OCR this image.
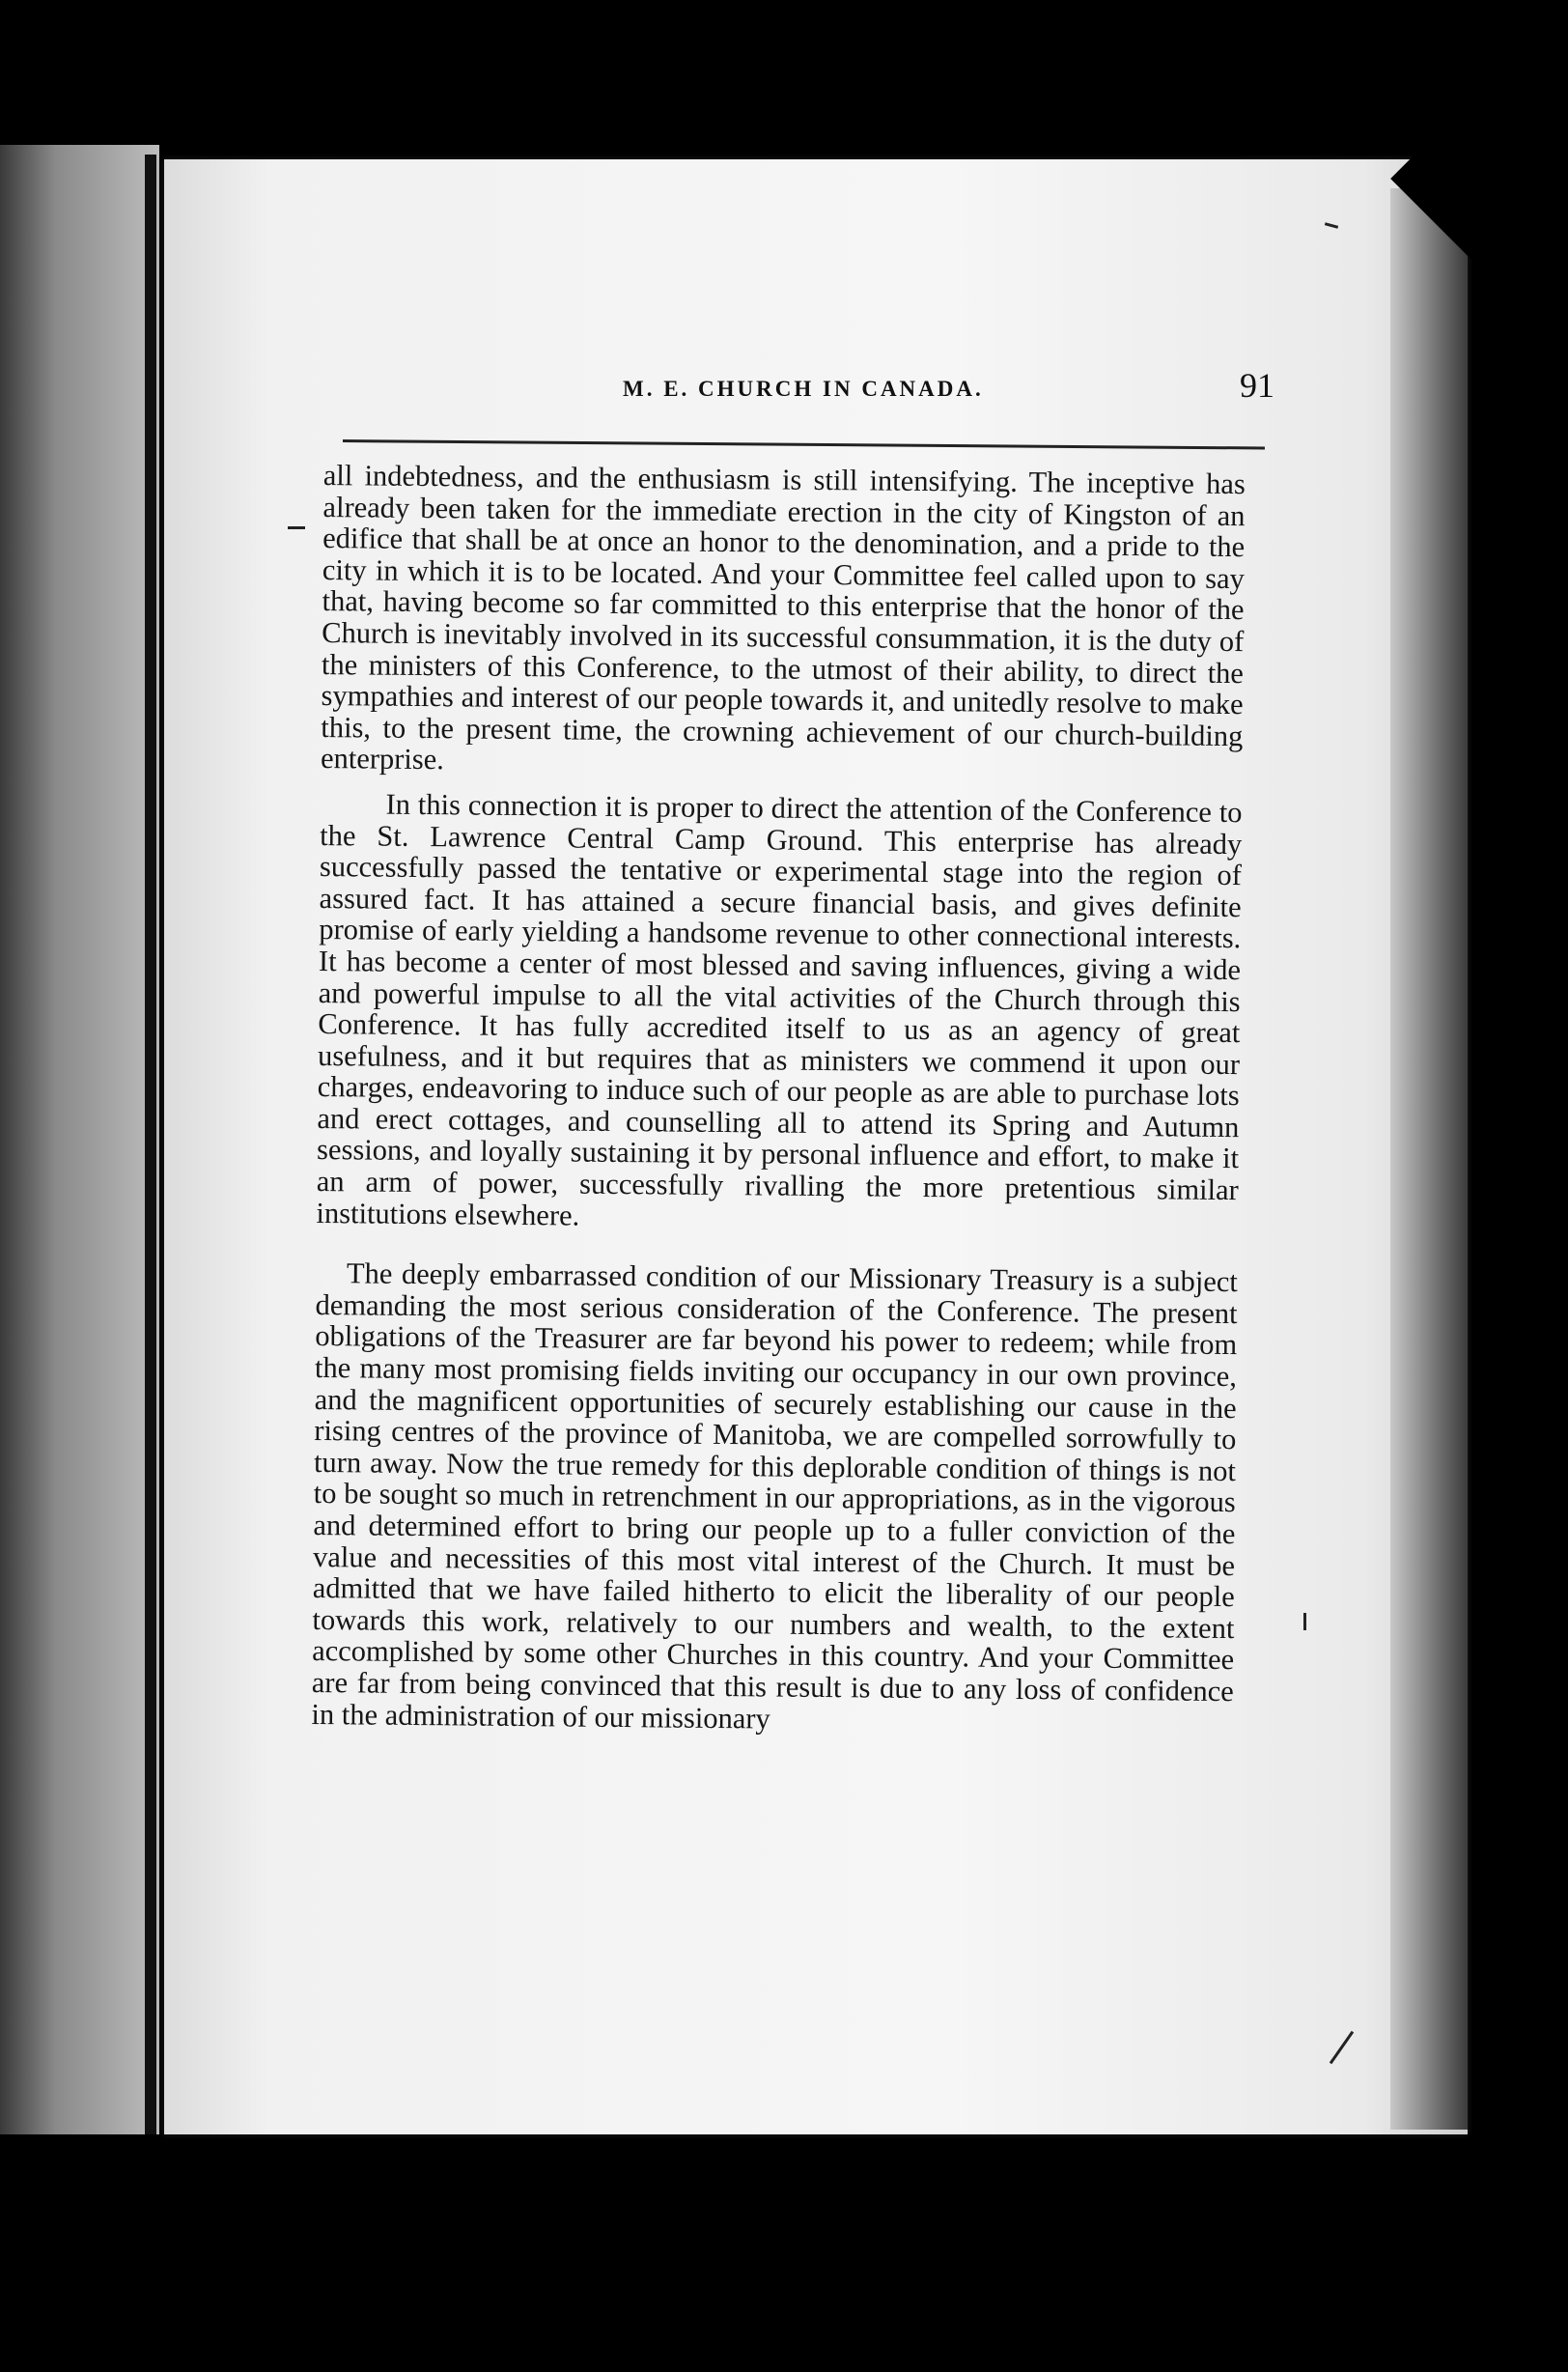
M. E. CHURCH IN CANADA.	91

all indebtedness, and the enthusiasm is still intensifying. The inceptive has already been taken for the immediate erection in the city of Kingston of an edifice that shall be at once an honor to the denomination, and a pride to the city in which it is to be located. And your Committee feel called upon to say that, having become so far committed to this enterprise that the honor of the Church is inevitably involved in its successful consummation, it is the duty of the ministers of this Conference, to the utmost of their ability, to direct the sympathies and interest of our people towards it, and unitedly resolve to make this, to the present time, the crowning achievement of our church-building enterprise.

In this connection it is proper to direct the attention of the Conference to the St. Lawrence Central Camp Ground. This enterprise has already successfully passed the tentative or experimental stage into the region of assured fact. It has attained a secure financial basis, and gives definite promise of early yielding a handsome revenue to other connectional interests. It has become a center of most blessed and saving influences, giving a wide and powerful impulse to all the vital activities of the Church through this Conference. It has fully accredited itself to us as an agency of great usefulness, and it but requires that as ministers we commend it upon our charges, endeavoring to induce such of our people as are able to purchase lots and erect cottages, and counselling all to attend its Spring and Autumn sessions, and loyally sustaining it by personal influence and effort, to make it an arm of power, successfully rivalling the more pretentious similar institutions elsewhere.

The deeply embarrassed condition of our Missionary Treasury is a subject demanding the most serious consideration of the Conference. The present obligations of the Treasurer are far beyond his power to redeem; while from the many most promising fields inviting our occupancy in our own province, and the magnificent opportunities of securely establishing our cause in the rising centres of the province of Manitoba, we are compelled sorrowfully to turn away. Now the true remedy for this deplorable condition of things is not to be sought so much in retrenchment in our appropriations, as in the vigorous and determined effort to bring our people up to a fuller conviction of the value and necessities of this most vital interest of the Church. It must be admitted that we have failed hitherto to elicit the liberality of our people towards this work, relatively to our numbers and wealth, to the extent accomplished by some other Churches in this country. And your Committee are far from being convinced that this result is due to any loss of confidence in the administration of our missionary
